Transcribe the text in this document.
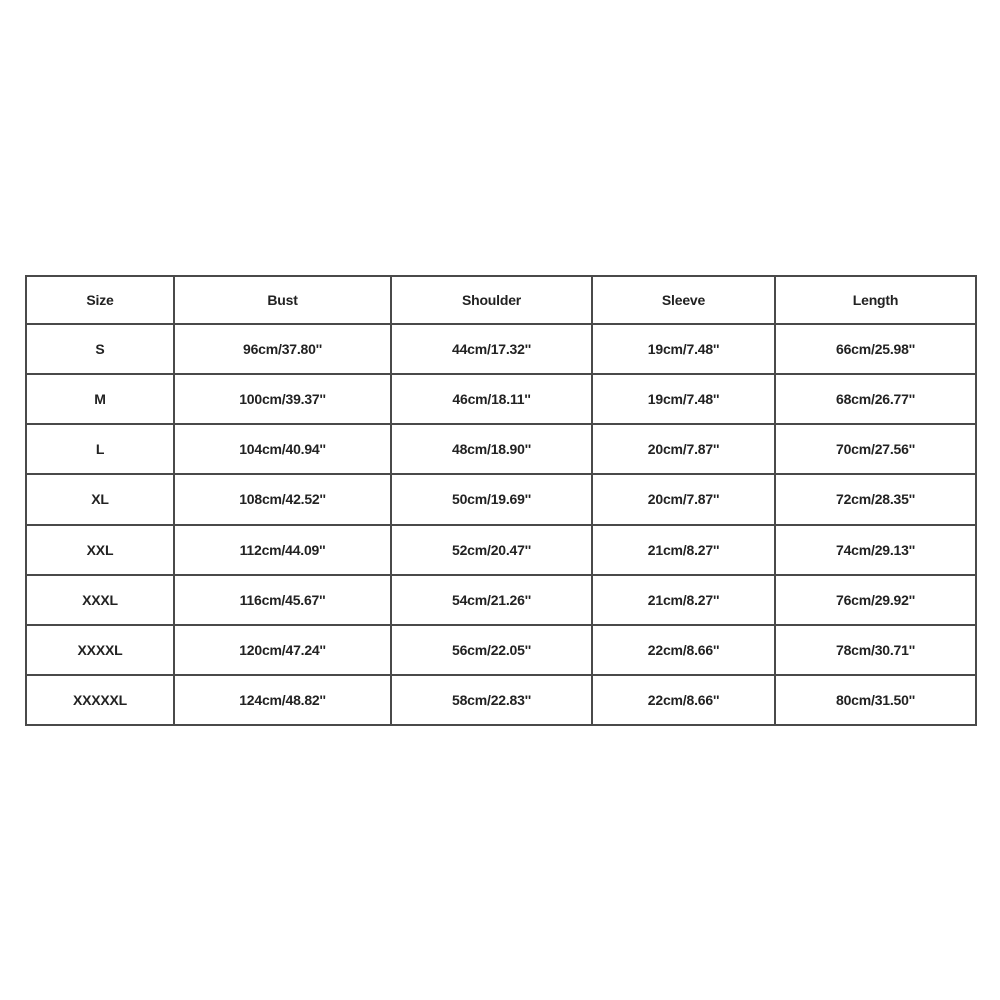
Size	Bust	Shoulder	Sleeve	Length
S	96cm/37.80''	44cm/17.32''	19cm/7.48''	66cm/25.98''
M	100cm/39.37''	46cm/18.11''	19cm/7.48''	68cm/26.77''
L	104cm/40.94''	48cm/18.90''	20cm/7.87''	70cm/27.56''
XL	108cm/42.52''	50cm/19.69''	20cm/7.87''	72cm/28.35''
XXL	112cm/44.09''	52cm/20.47''	21cm/8.27''	74cm/29.13''
XXXL	116cm/45.67''	54cm/21.26''	21cm/8.27''	76cm/29.92''
XXXXL	120cm/47.24''	56cm/22.05''	22cm/8.66''	78cm/30.71''
XXXXXL	124cm/48.82''	58cm/22.83''	22cm/8.66''	80cm/31.50''
